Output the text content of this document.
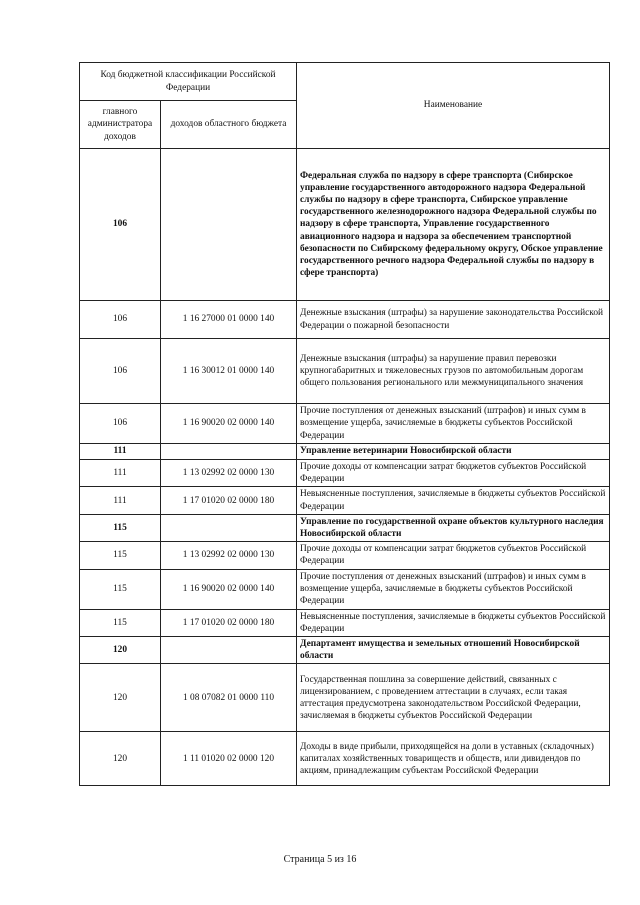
Код бюджетной классификации Российской Федерации		Наименование
главного администратора доходов	доходов областного бюджета	
106		Федеральная служба по надзору в сфере транспорта (Сибирское управление государственного автодорожного надзора Федеральной службы по надзору в сфере транспорта, Сибирское управление государственного железнодорожного надзора Федеральной службы по надзору в сфере транспорта, Управление государственного авиационного надзора и надзора за обеспечением транспортной безопасности по Сибирскому федеральному округу, Обское управление государственного речного надзора Федеральной службы по надзору в сфере транспорта)
106	1 16 27000 01 0000 140	Денежные взыскания (штрафы) за нарушение законодательства Российской Федерации о пожарной безопасности
106	1 16 30012 01 0000 140	Денежные взыскания (штрафы) за нарушение правил перевозки крупногабаритных и тяжеловесных грузов по автомобильным дорогам общего пользования регионального или межмуниципального значения
106	1 16 90020 02 0000 140	Прочие поступления от денежных взысканий (штрафов) и иных сумм в возмещение ущерба, зачисляемые в бюджеты субъектов Российской Федерации
111		Управление ветеринарии Новосибирской области
111	1 13 02992 02 0000 130	Прочие доходы от компенсации затрат бюджетов субъектов Российской Федерации
111	1 17 01020 02 0000 180	Невыясненные поступления, зачисляемые в бюджеты субъектов Российской Федерации
115		Управление по государственной охране объектов культурного наследия Новосибирской области
115	1 13 02992 02 0000 130	Прочие доходы от компенсации затрат бюджетов субъектов Российской Федерации
115	1 16 90020 02 0000 140	Прочие поступления от денежных взысканий (штрафов) и иных сумм в возмещение ущерба, зачисляемые в бюджеты субъектов Российской Федерации
115	1 17 01020 02 0000 180	Невыясненные поступления, зачисляемые в бюджеты субъектов Российской Федерации
120		Департамент имущества и земельных отношений Новосибирской области
120	1 08 07082 01 0000 110	Государственная пошлина за совершение действий, связанных с лицензированием, с проведением аттестации в случаях, если такая аттестация предусмотрена законодательством Российской Федерации, зачисляемая в бюджеты субъектов Российской Федерации
120	1 11 01020 02 0000 120	Доходы в виде прибыли, приходящейся на доли в уставных (складочных) капиталах хозяйственных товариществ и обществ, или дивидендов по акциям, принадлежащим субъектам Российской Федерации
Страница 5 из 16
